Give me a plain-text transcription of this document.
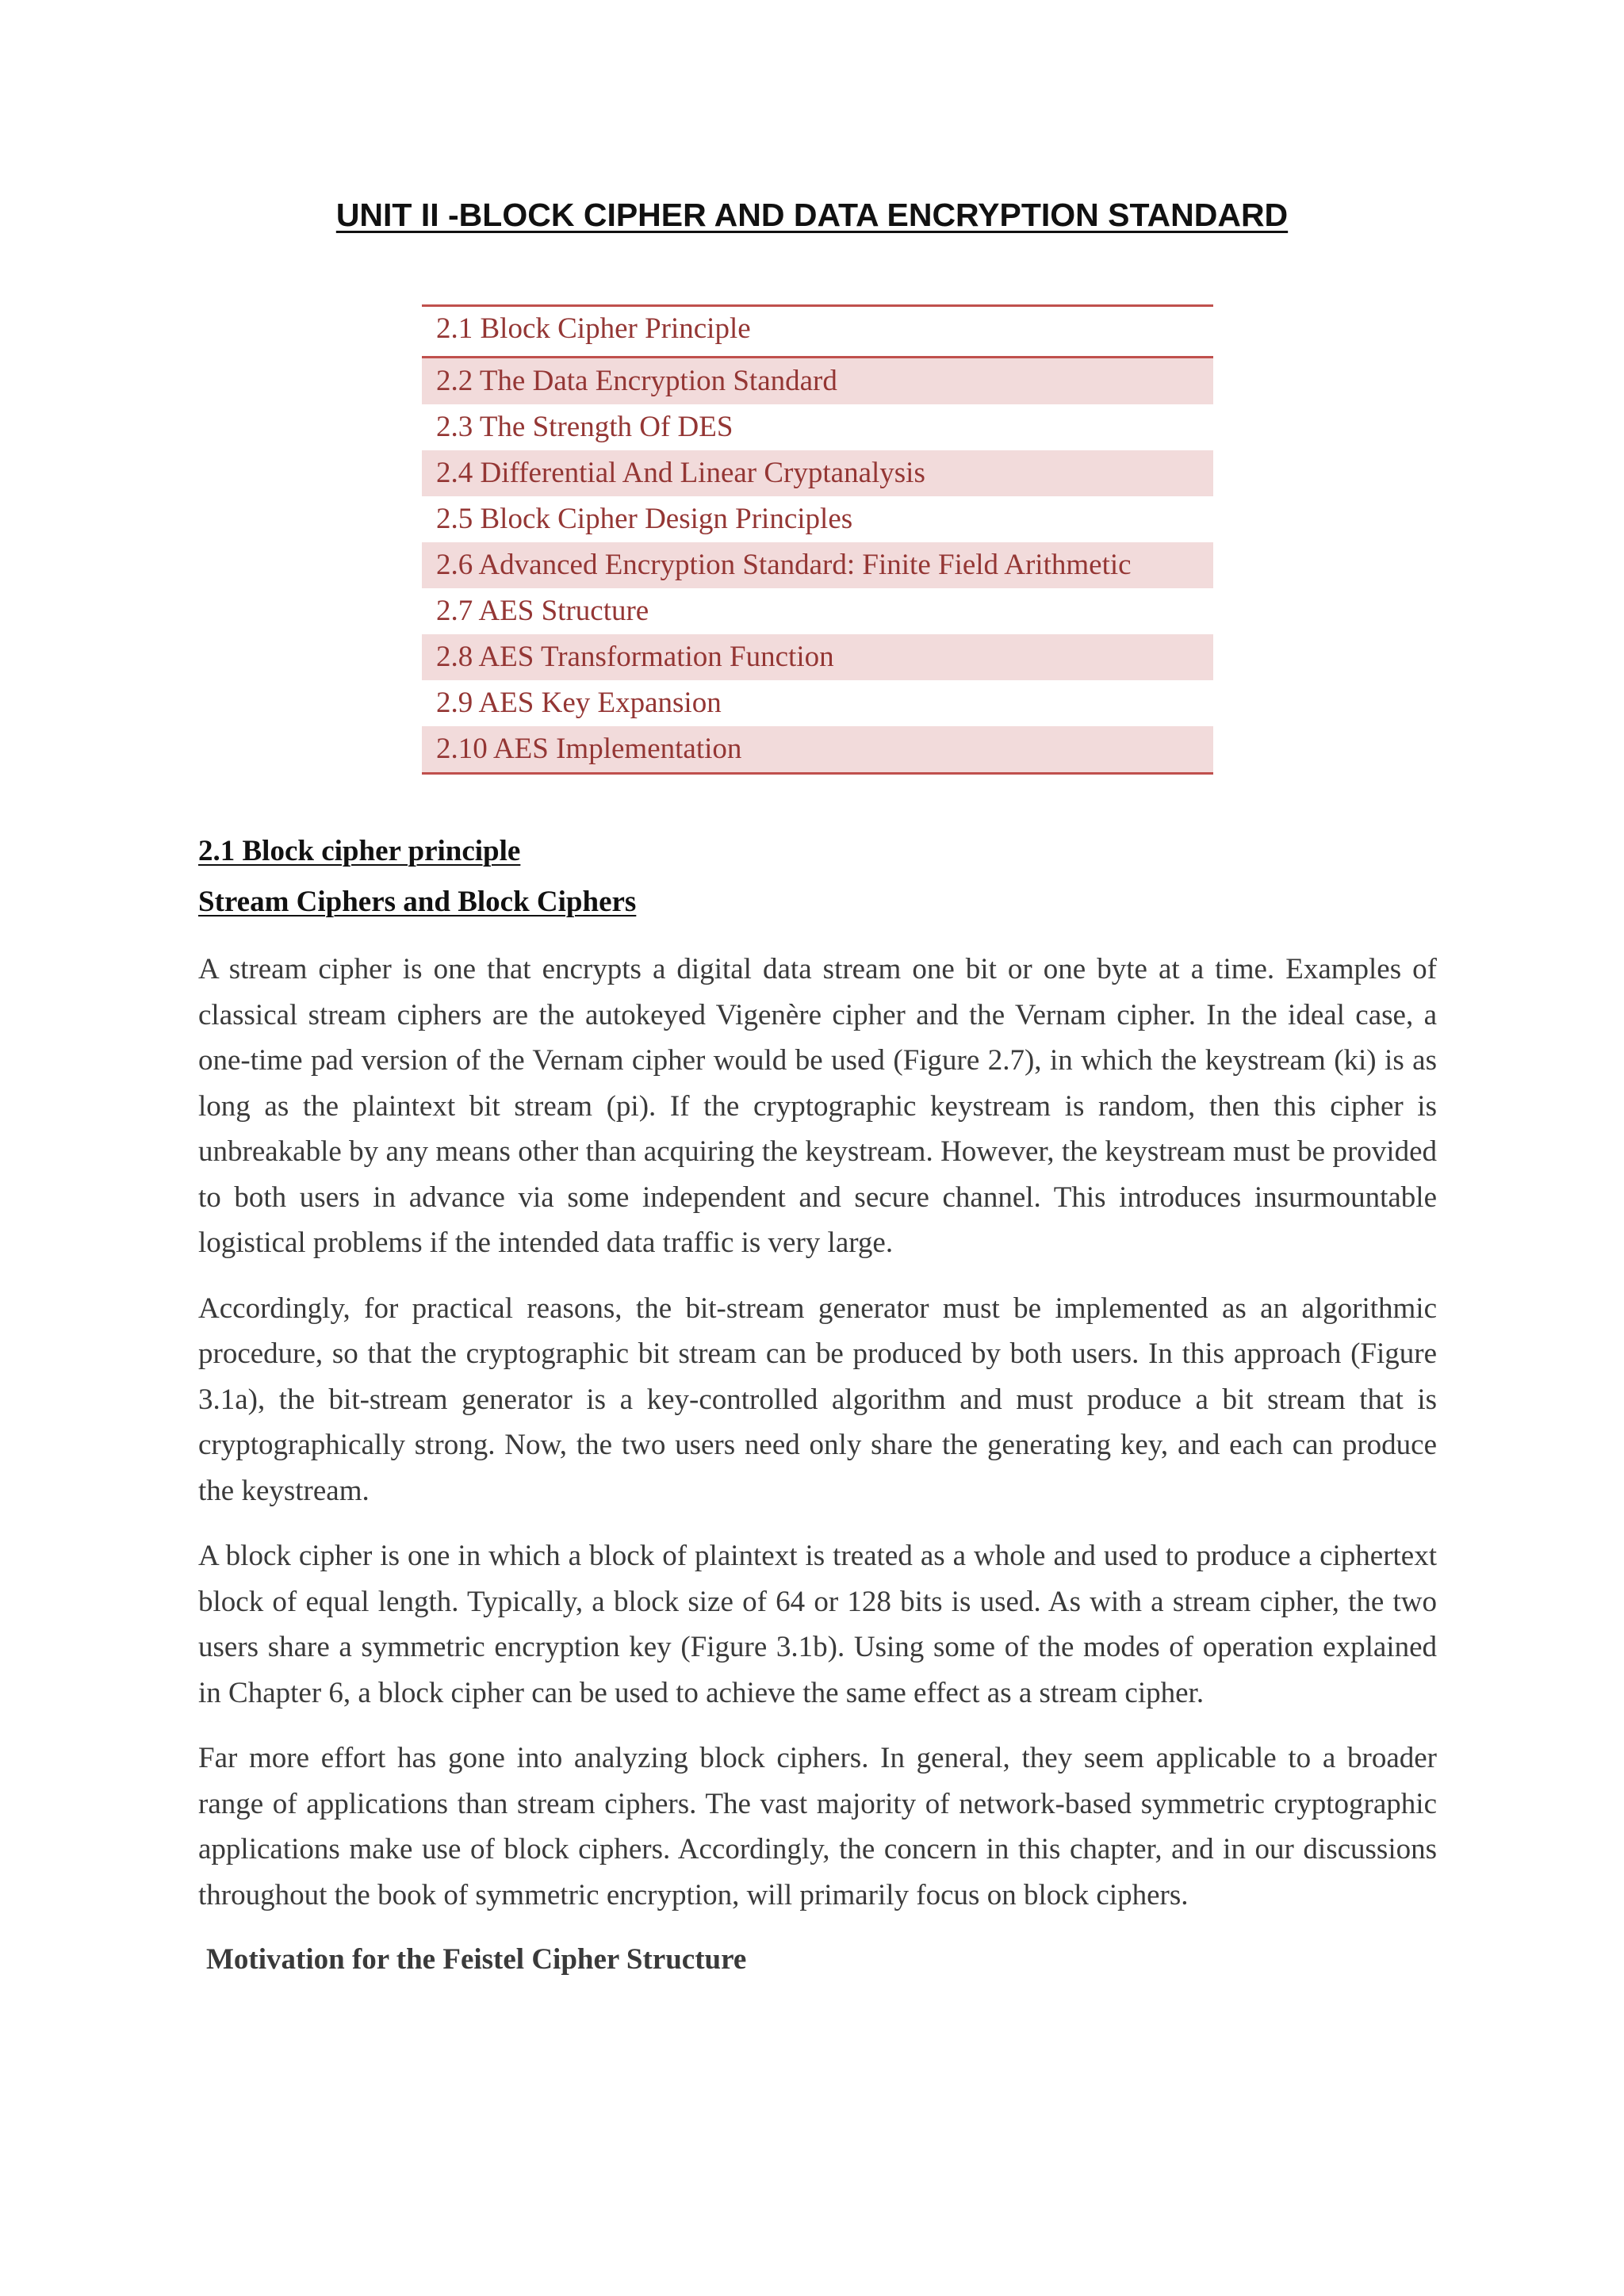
UNIT II -BLOCK CIPHER AND DATA ENCRYPTION STANDARD
2.1 Block Cipher Principle
2.2 The Data Encryption Standard
2.3 The Strength Of DES
2.4 Differential And Linear Cryptanalysis
2.5 Block Cipher Design Principles
2.6 Advanced Encryption Standard: Finite Field Arithmetic
2.7 AES Structure
2.8 AES Transformation Function
2.9 AES Key Expansion
2.10 AES Implementation
2.1 Block cipher principle
Stream Ciphers and Block Ciphers

A stream cipher is one that encrypts a digital data stream one bit or one byte at a time. Examples of classical stream ciphers are the autokeyed Vigenère cipher and the Vernam cipher. In the ideal case, a one-time pad version of the Vernam cipher would be used (Figure 2.7), in which the keystream (ki) is as long as the plaintext bit stream (pi). If the cryptographic keystream is random, then this cipher is unbreakable by any means other than acquiring the keystream. However, the keystream must be provided to both users in advance via some independent and secure channel. This introduces insurmountable logistical problems if the intended data traffic is very large.

Accordingly, for practical reasons, the bit-stream generator must be implemented as an algorithmic procedure, so that the cryptographic bit stream can be produced by both users. In this approach (Figure 3.1a), the bit-stream generator is a key-controlled algorithm and must produce a bit stream that is cryptographically strong. Now, the two users need only share the generating key, and each can produce the keystream.

A block cipher is one in which a block of plaintext is treated as a whole and used to produce a ciphertext block of equal length. Typically, a block size of 64 or 128 bits is used. As with a stream cipher, the two users share a symmetric encryption key (Figure 3.1b). Using some of the modes of operation explained in Chapter 6, a block cipher can be used to achieve the same effect as a stream cipher.

Far more effort has gone into analyzing block ciphers. In general, they seem applicable to a broader range of applications than stream ciphers. The vast majority of network-based symmetric cryptographic applications make use of block ciphers. Accordingly, the concern in this chapter, and in our discussions throughout the book of symmetric encryption, will primarily focus on block ciphers.

Motivation for the Feistel Cipher Structure
